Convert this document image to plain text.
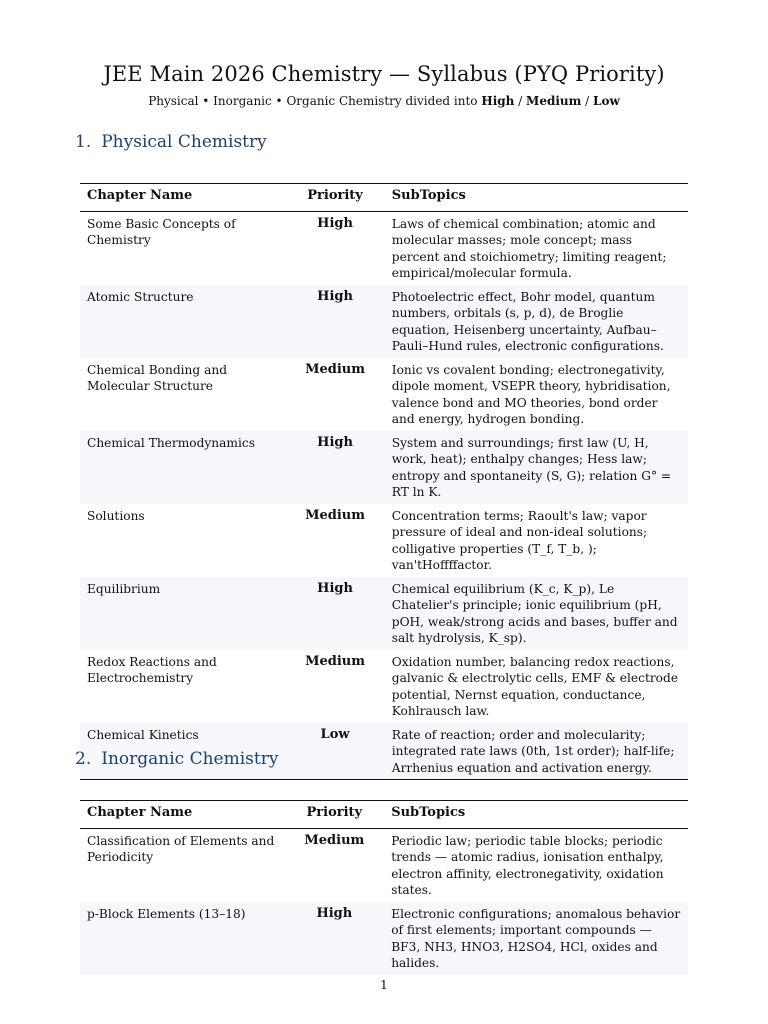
JEE Main 2026 Chemistry — Syllabus (PYQ Priority)
Physical • Inorganic • Organic Chemistry divided into High / Medium / Low
1. Physical Chemistry
Chapter Name	Priority	SubTopics
Some Basic Concepts of Chemistry	High	Laws of chemical combination; atomic and molecular masses; mole concept; mass percent and stoichiometry; limiting reagent; empirical/molecular formula.
Atomic Structure	High	Photoelectric effect, Bohr model, quantum numbers, orbitals (s, p, d), de Broglie equation, Heisenberg uncertainty, Aufbau–Pauli–Hund rules, electronic configurations.
Chemical Bonding and Molecular Structure	Medium	Ionic vs covalent bonding; electronegativity, dipole moment, VSEPR theory, hybridisation, valence bond and MO theories, bond order and energy, hydrogen bonding.
Chemical Thermodynamics	High	System and surroundings; first law (U, H, work, heat); enthalpy changes; Hess law; entropy and spontaneity (S, G); relation G° = RT ln K.
Solutions	Medium	Concentration terms; Raoult's law; vapor pressure of ideal and non-ideal solutions; colligative properties (T_f, T_b, ); van'tHoffffactor.
Equilibrium	High	Chemical equilibrium (K_c, K_p), Le Chatelier's principle; ionic equilibrium (pH, pOH, weak/strong acids and bases, buffer and salt hydrolysis, K_sp).
Redox Reactions and Electrochemistry	Medium	Oxidation number, balancing redox reactions, galvanic & electrolytic cells, EMF & electrode potential, Nernst equation, conductance, Kohlrausch law.
Chemical Kinetics	Low	Rate of reaction; order and molecularity; integrated rate laws (0th, 1st order); half-life; Arrhenius equation and activation energy.
2. Inorganic Chemistry
Chapter Name	Priority	SubTopics
Classification of Elements and Periodicity	Medium	Periodic law; periodic table blocks; periodic trends — atomic radius, ionisation enthalpy, electron affinity, electronegativity, oxidation states.
p-Block Elements (13–18)	High	Electronic configurations; anomalous behavior of first elements; important compounds — BF3, NH3, HNO3, H2SO4, HCl, oxides and halides.
1
